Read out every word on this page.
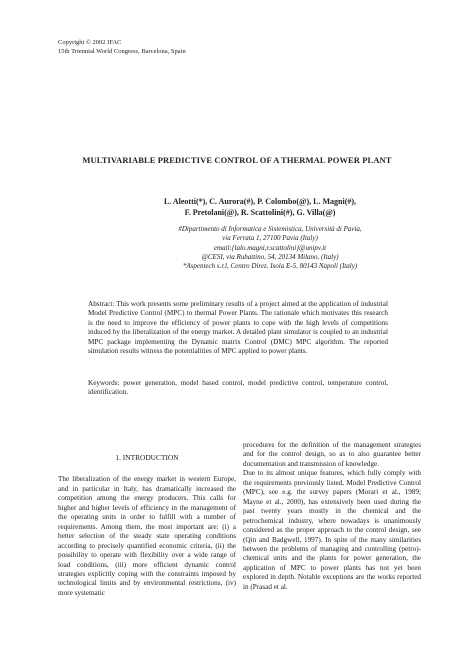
Copyright © 2002 IFAC
15th Triennial World Congress, Barcelona, Spain
MULTIVARIABLE PREDICTIVE CONTROL OF A THERMAL POWER PLANT
L. Aleotti(*), C. Aurora(#), P. Colombo(@), L. Magni(#),
F. Pretolani(@), R. Scattolini(#), G. Villa(@)
#Dipartimento di Informatica e Sistemistica, Università di Pavia,
via Ferrata 1, 27100 Pavia (Italy)
email:{lalo.magni,r.scattolini}@unipv.it
@CESI, via Rubattino, 54, 20134 Milano, (Italy)
*Aspentech s.r.l, Centro Direz. Isola E-5, 80143 Napoli (Italy)
Abstract: This work presents some preliminary results of a project aimed at the application of industrial Model Predictive Control (MPC) to thermal Power Plants. The rationale which motivates this research is the need to improve the efficiency of power plants to cope with the high levels of competitions induced by the liberalization of the energy market. A detailed plant simulator is coupled to an industrial MPC package implementing the Dynamic matrix Control (DMC) MPC algorithm. The reported simulation results witness the potentialities of MPC applied to power plants.
Keywords: power generation, model based control, model predictive control, temperature control, identification.
1. INTRODUCTION

The liberalization of the energy market in western Europe, and in particular in Italy, has dramatically increased the competition among the energy producers. This calls for higher and higher levels of efficiency in the management of the operating units in order to fulfill with a number of requirements. Among them, the most important are: (i) a better selection of the steady state operating conditions according to precisely quantified economic criteria, (ii) the possibility to operate with flexibility over a wide range of load conditions, (iii) more efficient dynamic control strategies explicitly coping with the constraints imposed by technological limits and by environmental restrictions, (iv) more systematic

procedures for the definition of the management strategies and for the control design, so as to also guarantee better documentation and transmission of knowledge.

Due to its almost unique features, which fully comply with the requirements previously listed, Model Predictive Control (MPC), see e.g. the survey papers (Morari et al., 1989; Mayne et al., 2000), has extensively been used during the past twenty years mostly in the chemical and the petrochemical industry, where nowadays is unanimously considered as the proper approach to the control design, see (Qin and Badgwell, 1997). In spite of the many similarities between the problems of managing and controlling (petro)-chemical units and the plants for power generation, the application of MPC to power plants has not yet been explored in depth. Notable exceptions are the works reported in (Prasad et al.
